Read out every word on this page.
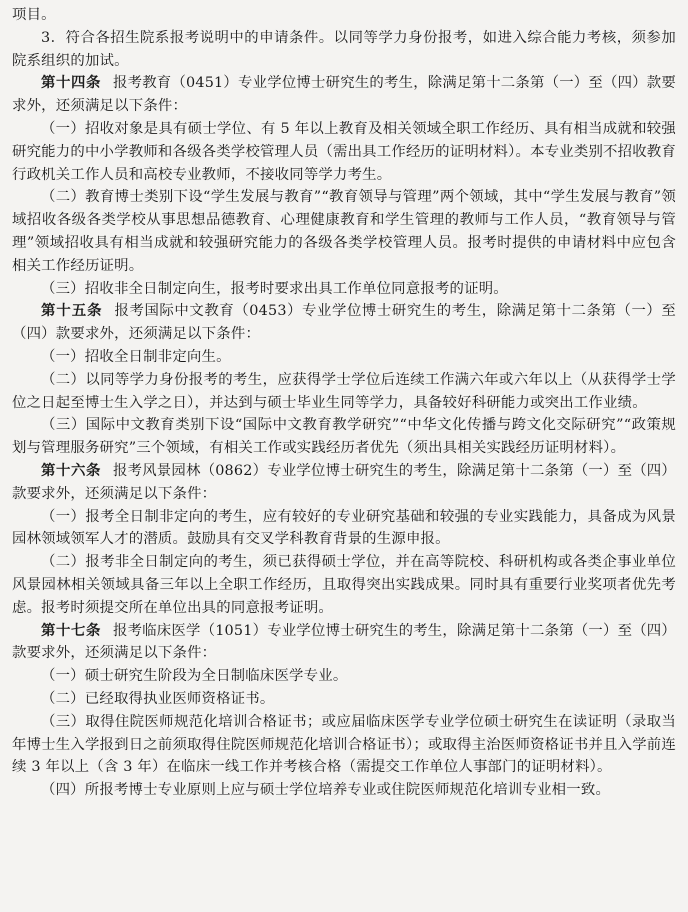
项目。

3．符合各招生院系报考说明中的申请条件。以同等学力身份报考，如进入综合能力考核，须参加院系组织的加试。

第十四条 报考教育（0451）专业学位博士研究生的考生，除满足第十二条第（一）至（四）款要求外，还须满足以下条件：

（一）招收对象是具有硕士学位、有 5 年以上教育及相关领域全职工作经历、具有相当成就和较强研究能力的中小学教师和各级各类学校管理人员（需出具工作经历的证明材料）。本专业类别不招收教育行政机关工作人员和高校专业教师，不接收同等学力考生。

（二）教育博士类别下设“学生发展与教育”“教育领导与管理”两个领域，其中“学生发展与教育”领域招收各级各类学校从事思想品德教育、心理健康教育和学生管理的教师与工作人员，“教育领导与管理”领域招收具有相当成就和较强研究能力的各级各类学校管理人员。报考时提供的申请材料中应包含相关工作经历证明。

（三）招收非全日制定向生，报考时要求出具工作单位同意报考的证明。

第十五条 报考国际中文教育（0453）专业学位博士研究生的考生，除满足第十二条第（一）至（四）款要求外，还须满足以下条件：

（一）招收全日制非定向生。

（二）以同等学力身份报考的考生，应获得学士学位后连续工作满六年或六年以上（从获得学士学位之日起至博士生入学之日），并达到与硕士毕业生同等学力，具备较好科研能力或突出工作业绩。

（三）国际中文教育类别下设“国际中文教育教学研究”“中华文化传播与跨文化交际研究”“政策规划与管理服务研究”三个领域，有相关工作或实践经历者优先（须出具相关实践经历证明材料）。

第十六条 报考风景园林（0862）专业学位博士研究生的考生，除满足第十二条第（一）至（四）款要求外，还须满足以下条件：

（一）报考全日制非定向的考生，应有较好的专业研究基础和较强的专业实践能力，具备成为风景园林领域领军人才的潜质。鼓励具有交叉学科教育背景的生源申报。

（二）报考非全日制定向的考生，须已获得硕士学位，并在高等院校、科研机构或各类企事业单位风景园林相关领域具备三年以上全职工作经历，且取得突出实践成果。同时具有重要行业奖项者优先考虑。报考时须提交所在单位出具的同意报考证明。

第十七条 报考临床医学（1051）专业学位博士研究生的考生，除满足第十二条第（一）至（四）款要求外，还须满足以下条件：

（一）硕士研究生阶段为全日制临床医学专业。

（二）已经取得执业医师资格证书。

（三）取得住院医师规范化培训合格证书；或应届临床医学专业学位硕士研究生在读证明（录取当年博士生入学报到日之前须取得住院医师规范化培训合格证书）；或取得主治医师资格证书并且入学前连续 3 年以上（含 3 年）在临床一线工作并考核合格（需提交工作单位人事部门的证明材料）。

（四）所报考博士专业原则上应与硕士学位培养专业或住院医师规范化培训专业相一致。
